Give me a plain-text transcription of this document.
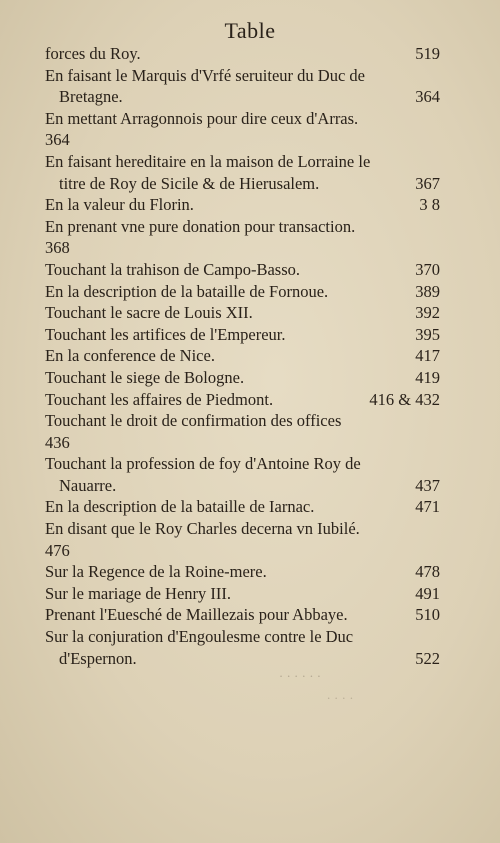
Table
forces du Roy.	519
En faisant le Marquis d'Vrfé seruiteur du Duc de
Bretagne.	364
En mettant Arragonnois pour dire ceux d'Arras.
364
En faisant hereditaire en la maison de Lorraine le
titre de Roy de Sicile & de Hierusalem.	367
En la valeur du Florin.	3 8
En prenant vne pure donation pour transaction.
368
Touchant la trahison de Campo-Basso.	370
En la description de la bataille de Fornoue.	389
Touchant le sacre de Louis XII.	392
Touchant les artifices de l'Empereur.	395
En la conference de Nice.	417
Touchant le siege de Bologne.	419
Touchant les affaires de Piedmont.	416 & 432
Touchant le droit de confirmation des offices
436
Touchant la profession de foy d'Antoine Roy de
Nauarre.	437
En la description de la bataille de Iarnac.	471
En disant que le Roy Charles decerna vn Iubilé.
476
Sur la Regence de la Roine-mere.	478
Sur le mariage de Henry III.	491
Prenant l'Euesché de Maillezais pour Abbaye.	510
Sur la conjuration d'Engoulesme contre le Duc
d'Espernon.	522
· · · · · ·
· · · ·
